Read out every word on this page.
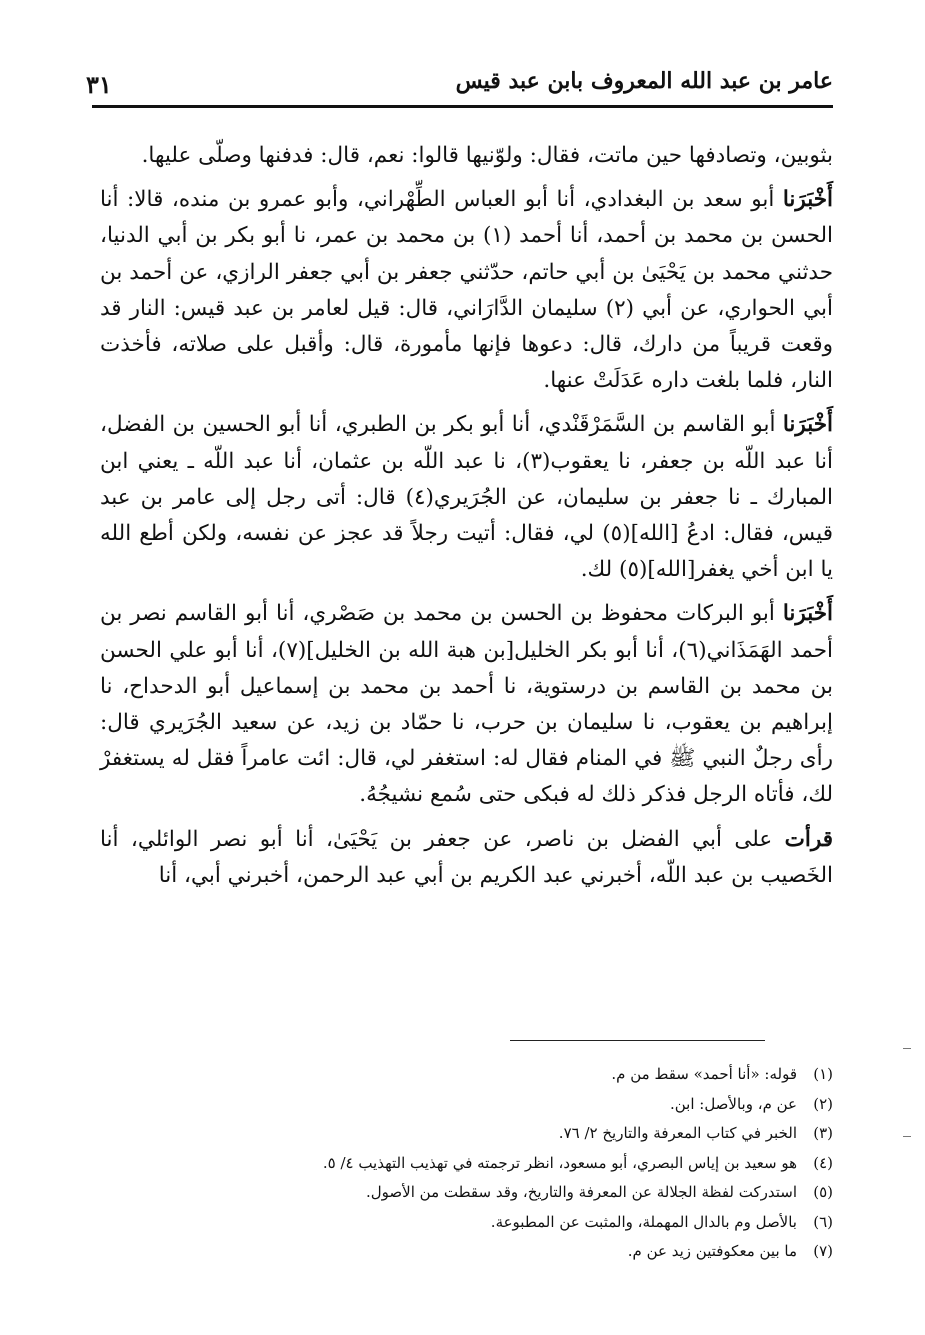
عامر بن عبد الله المعروف بابن عبد قيس
٣١

بثوبين، وتصادفها حين ماتت، فقال: ولوّنيها قالوا: نعم، قال: فدفنها وصلّى عليها.

أَخْبَرَنا أبو سعد بن البغدادي، أنا أبو العباس الطِّهْراني، وأبو عمرو بن منده، قالا: أنا الحسن بن محمد بن أحمد، أنا أحمد (١) بن محمد بن عمر، نا أبو بكر بن أبي الدنيا، حدثني محمد بن يَحْيَىٰ بن أبي حاتم، حدّثني جعفر بن أبي جعفر الرازي، عن أحمد بن أبي الحواري، عن أبي (٢) سليمان الدَّارَاني، قال: قيل لعامر بن عبد قيس: النار قد وقعت قريباً من دارك، قال: دعوها فإنها مأمورة، قال: وأقبل على صلاته، فأخذت النار، فلما بلغت داره عَدَلَتْ عنها.

أَخْبَرَنا أبو القاسم بن السَّمَرْقَنْدي، أنا أبو بكر بن الطبري، أنا أبو الحسين بن الفضل، أنا عبد اللّه بن جعفر، نا يعقوب(٣)، نا عبد اللّه بن عثمان، أنا عبد اللّه ـ يعني ابن المبارك ـ نا جعفر بن سليمان، عن الجُرَيري(٤) قال: أتى رجل إلى عامر بن عبد قيس، فقال: ادعُ [الله](٥) لي، فقال: أتيت رجلاً قد عجز عن نفسه، ولكن أطع الله يا ابن أخي يغفر[الله](٥) لك.

أَخْبَرَنا أبو البركات محفوظ بن الحسن بن محمد بن صَصْري، أنا أبو القاسم نصر بن أحمد الهَمَذَاني(٦)، أنا أبو بكر الخليل[بن هبة الله بن الخليل](٧)، أنا أبو علي الحسن بن محمد بن القاسم بن درستوية، نا أحمد بن محمد بن إسماعيل أبو الدحداح، نا إبراهيم بن يعقوب، نا سليمان بن حرب، نا حمّاد بن زيد، عن سعيد الجُرَيري قال: رأى رجلٌ النبي ﷺ في المنام فقال له: استغفر لي، قال: ائت عامراً فقل له يستغفرْ لك، فأتاه الرجل فذكر ذلك له فبكى حتى سُمع نشيجُهُ.

قرأت على أبي الفضل بن ناصر، عن جعفر بن يَحْيَىٰ، أنا أبو نصر الوائلي، أنا الخَصيب بن عبد اللّه، أخبرني عبد الكريم بن أبي عبد الرحمن، أخبرني أبي، أنا

(١)قوله: «أنا أحمد» سقط من م.
(٢)عن م، وبالأصل: ابن.
(٣)الخبر في كتاب المعرفة والتاريخ ٢/ ٧٦.
(٤)هو سعيد بن إياس البصري، أبو مسعود، انظر ترجمته في تهذيب التهذيب ٤/ ٥.
(٥)استدركت لفظة الجلالة عن المعرفة والتاريخ، وقد سقطت من الأصول.
(٦)بالأصل وم بالدال المهملة، والمثبت عن المطبوعة.
(٧)ما بين معكوفتين زيد عن م.
